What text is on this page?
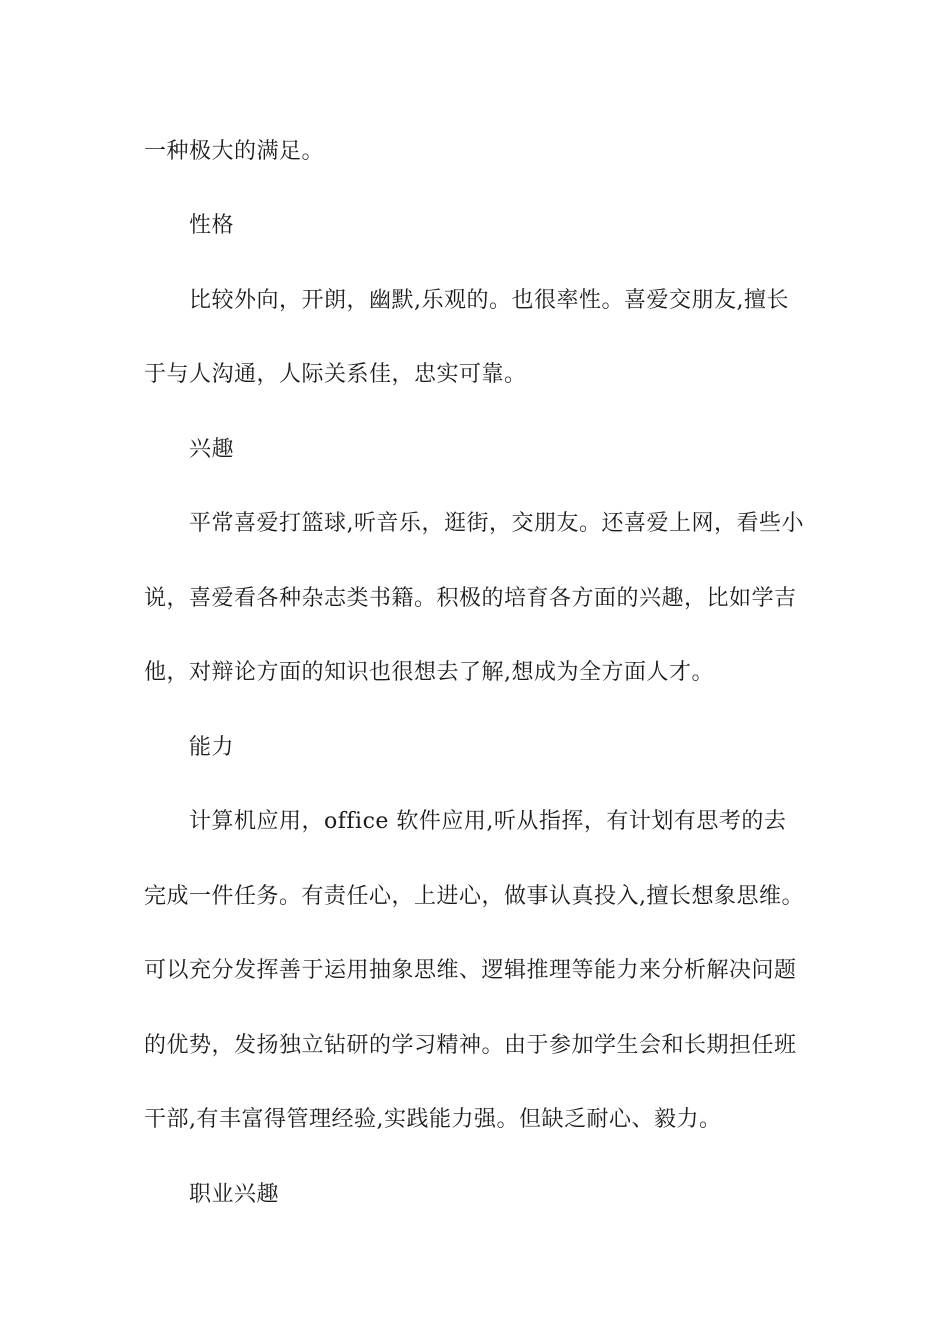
一种极大的满足。
性格
比较外向，开朗，幽默,乐观的。也很率性。喜爱交朋友,擅长
于与人沟通，人际关系佳，忠实可靠。
兴趣
平常喜爱打篮球,听音乐，逛街，交朋友。还喜爱上网，看些小
说，喜爱看各种杂志类书籍。积极的培育各方面的兴趣，比如学吉
他，对辩论方面的知识也很想去了解,想成为全方面人才。
能力
计算机应用，office 软件应用,听从指挥，有计划有思考的去
完成一件任务。有责任心，上进心，做事认真投入,擅长想象思维。
可以充分发挥善于运用抽象思维、逻辑推理等能力来分析解决问题
的优势，发扬独立钻研的学习精神。由于参加学生会和长期担任班
干部,有丰富得管理经验,实践能力强。但缺乏耐心、毅力。
职业兴趣
